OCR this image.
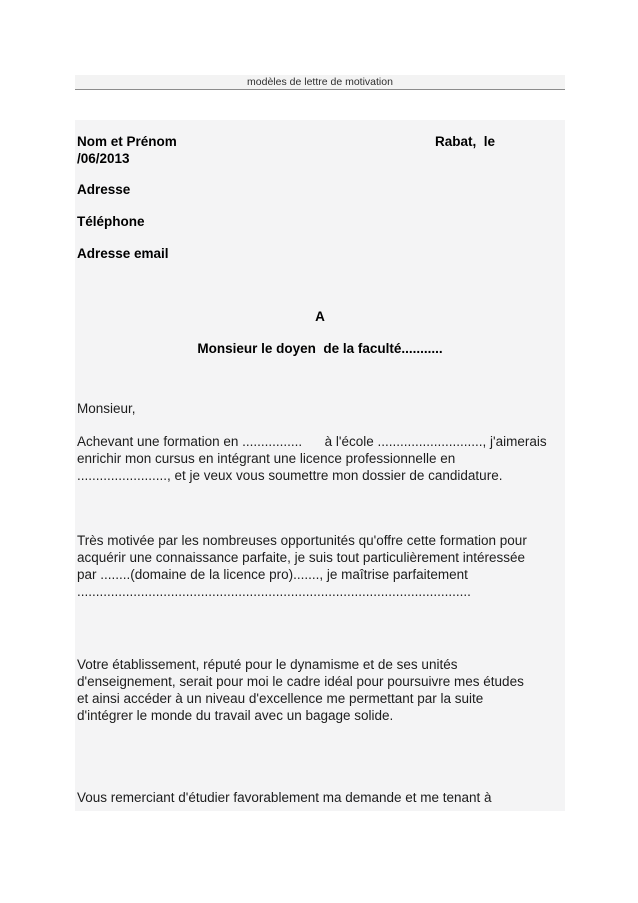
modèles de lettre de motivation
Nom et Prénom	Rabat,  le
/06/2013
Adresse
Téléphone
Adresse email
A
Monsieur le doyen  de la faculté...........
Monsieur,
Achevant une formation en ................      à l'école ............................, j'aimerais
enrichir mon cursus en intégrant une licence professionnelle en
........................, et je veux vous soumettre mon dossier de candidature.
Très motivée par les nombreuses opportunités qu'offre cette formation pour
acquérir une connaissance parfaite, je suis tout particulièrement intéressée
par ........(domaine de la licence pro)......., je maîtrise parfaitement
.........................................................................................................
Votre établissement, réputé pour le dynamisme et de ses unités
d'enseignement, serait pour moi le cadre idéal pour poursuivre mes études
et ainsi accéder à un niveau d'excellence me permettant par la suite
d'intégrer le monde du travail avec un bagage solide.
Vous remerciant d'étudier favorablement ma demande et me tenant à
